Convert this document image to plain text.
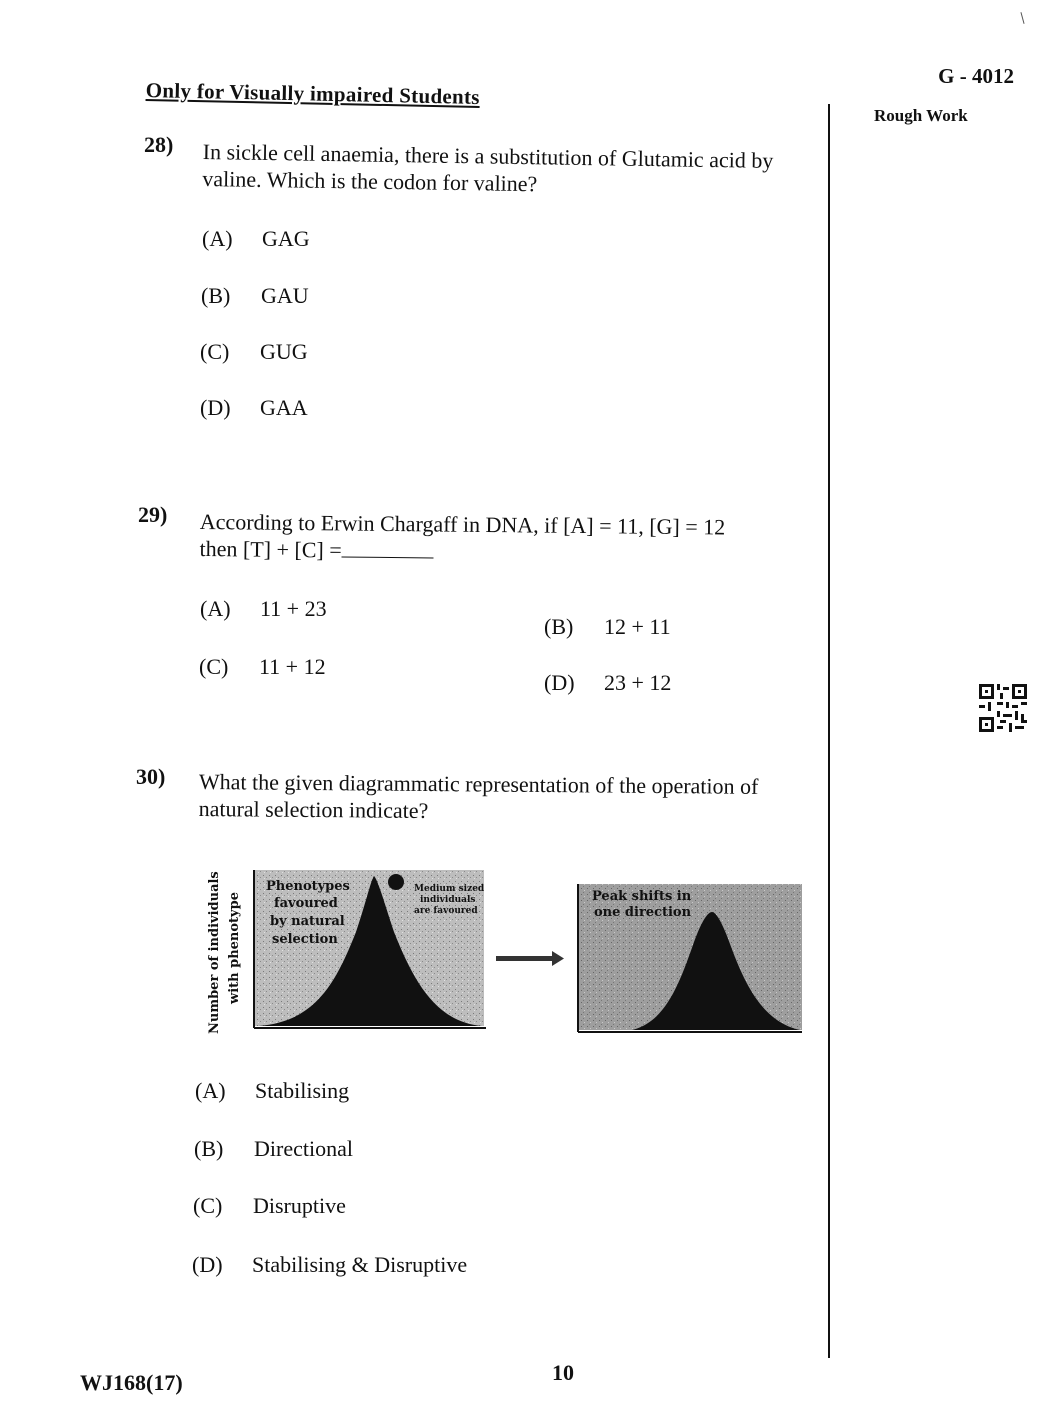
Only for Visually impaired Students
G - 4012
Rough Work
28) In sickle cell anaemia, there is a substitution of Glutamic acid by valine. Which is the codon for valine?
(A)	GAG
(B)	GAU
(C)	GUG
(D)	GAA
29) According to Erwin Chargaff in DNA, if [A] = 11, [G] = 12
then [T] + [C] =
(A)	11 + 23
(B)	12 + 11
(C)	11 + 12
(D)	23 + 12
30) What the given diagrammatic representation of the operation of natural selection indicate?
Number of individuals with phenotype
Phenotypes
favoured
by natural
selection
Medium sized
individuals
are favoured
Peak shifts in
one direction
(A)	Stabilising
(B)	Directional
(C)	Disruptive
(D)	Stabilising & Disruptive
WJ168(17)	10
